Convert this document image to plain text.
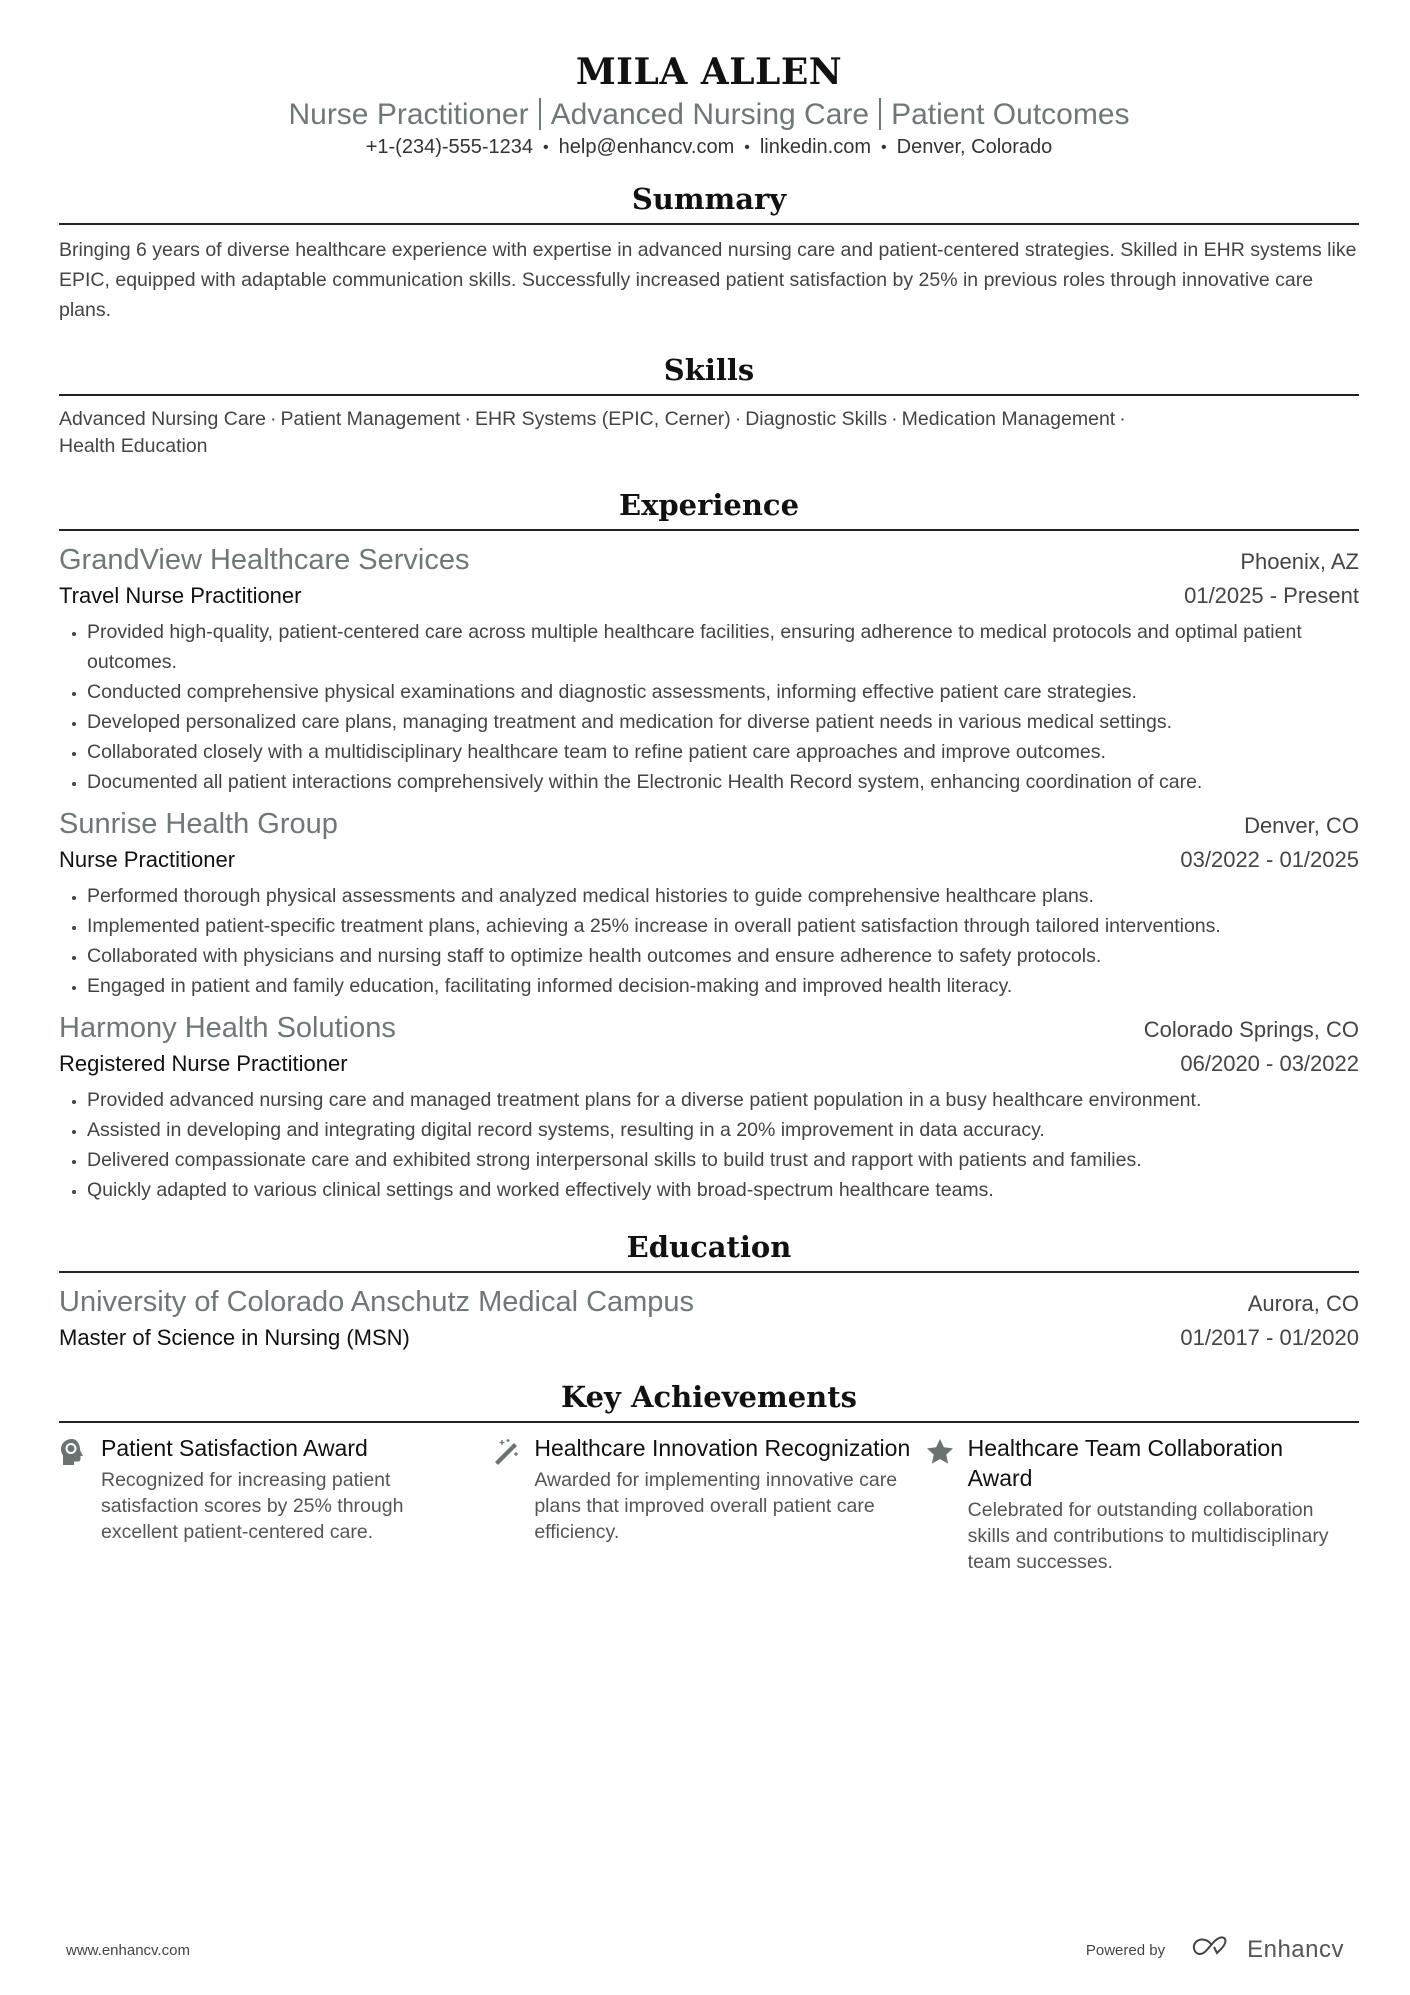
MILA ALLEN
Nurse Practitioner Advanced Nursing Care Patient Outcomes
+1-(234)-555-1234 • help@enhancv.com • linkedin.com • Denver, Colorado
Summary

Bringing 6 years of diverse healthcare experience with expertise in advanced nursing care and patient-centered strategies. Skilled in EHR systems like EPIC, equipped with adaptable communication skills. Successfully increased patient satisfaction by 25% in previous roles through innovative care plans.

Skills

Advanced Nursing Care · Patient Management · EHR Systems (EPIC, Cerner) · Diagnostic Skills · Medication Management ·
Health Education

Experience
GrandView Healthcare Services	Phoenix, AZ
Travel Nurse Practitioner	01/2025 - Present
• Provided high-quality, patient-centered care across multiple healthcare facilities, ensuring adherence to medical protocols and optimal patient outcomes.
• Conducted comprehensive physical examinations and diagnostic assessments, informing effective patient care strategies.
• Developed personalized care plans, managing treatment and medication for diverse patient needs in various medical settings.
• Collaborated closely with a multidisciplinary healthcare team to refine patient care approaches and improve outcomes.
• Documented all patient interactions comprehensively within the Electronic Health Record system, enhancing coordination of care.
Sunrise Health Group	Denver, CO
Nurse Practitioner	03/2022 - 01/2025
• Performed thorough physical assessments and analyzed medical histories to guide comprehensive healthcare plans.
• Implemented patient-specific treatment plans, achieving a 25% increase in overall patient satisfaction through tailored interventions.
• Collaborated with physicians and nursing staff to optimize health outcomes and ensure adherence to safety protocols.
• Engaged in patient and family education, facilitating informed decision-making and improved health literacy.
Harmony Health Solutions	Colorado Springs, CO
Registered Nurse Practitioner	06/2020 - 03/2022
• Provided advanced nursing care and managed treatment plans for a diverse patient population in a busy healthcare environment.
• Assisted in developing and integrating digital record systems, resulting in a 20% improvement in data accuracy.
• Delivered compassionate care and exhibited strong interpersonal skills to build trust and rapport with patients and families.
• Quickly adapted to various clinical settings and worked effectively with broad-spectrum healthcare teams.
Education
University of Colorado Anschutz Medical Campus	Aurora, CO
Master of Science in Nursing (MSN)	01/2017 - 01/2020
Key Achievements
Patient Satisfaction Award
Recognized for increasing patient satisfaction scores by 25% through excellent patient-centered care.
Healthcare Innovation Recognization
Awarded for implementing innovative care plans that improved overall patient care efficiency.
Healthcare Team Collaboration Award
Celebrated for outstanding collaboration skills and contributions to multidisciplinary team successes.
www.enhancv.com	Powered by	Enhancv
